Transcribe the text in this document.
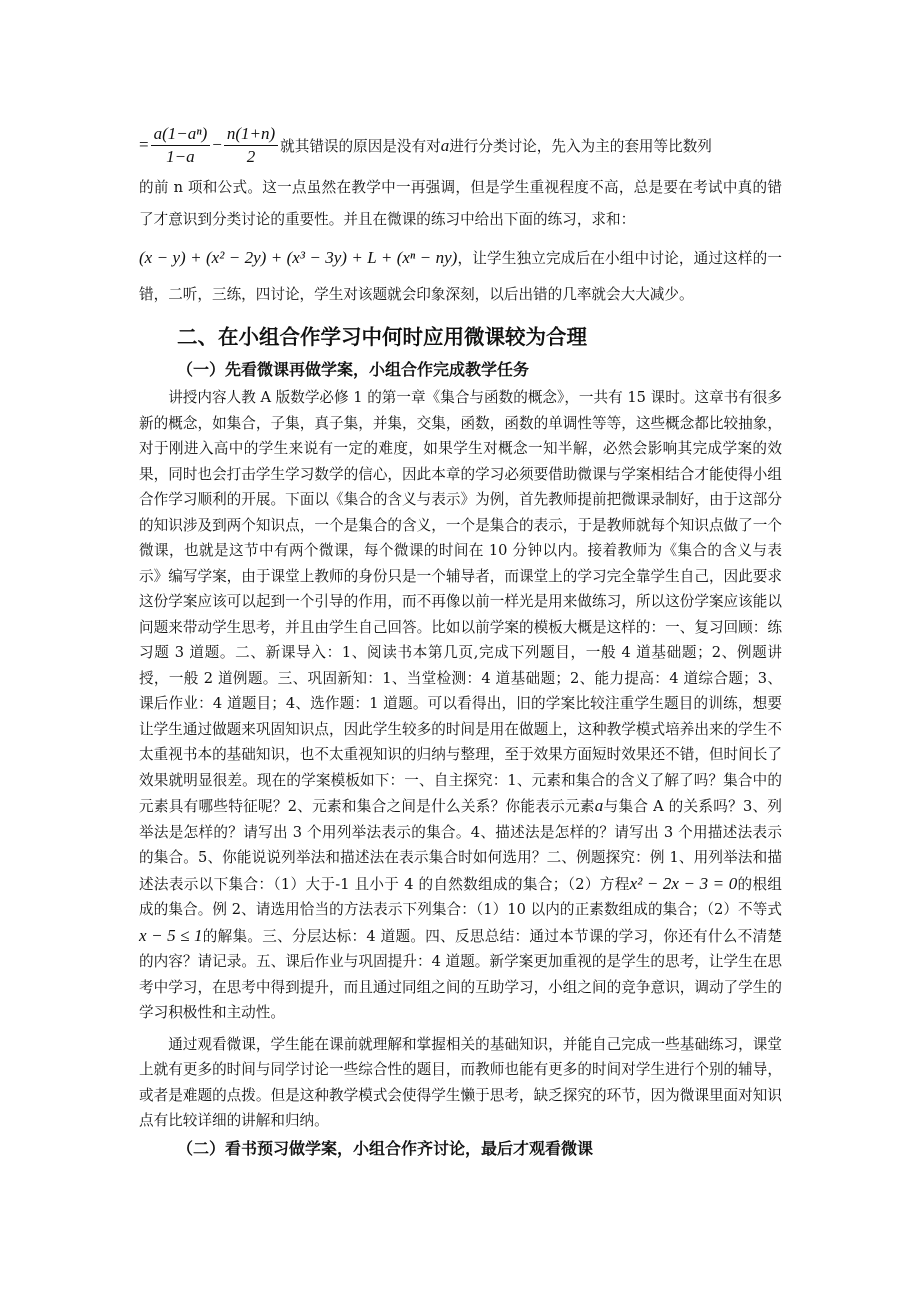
= $\frac{\text{a(1−aⁿ)}}{1-a} - \frac{n(1+n)}{2}$ 就其错误的原因是没有对a进行分类讨论，先入为主的套用等比数列

的前 n 项和公式。这一点虽然在教学中一再强调，但是学生重视程度不高，总是要在考试中真的错了才意识到分类讨论的重要性。并且在微课的练习中给出下面的练习，求和：

(x − y) + (x² − 2y) + (x³ − 3y) + L + (xⁿ − ny)，让学生独立完成后在小组中讨论，通过这样的一错，二听，三练，四讨论，学生对该题就会印象深刻，以后出错的几率就会大大减少。

二、在小组合作学习中何时应用微课较为合理
（一）先看微课再做学案，小组合作完成教学任务

讲授内容人教 A 版数学必修 1 的第一章《集合与函数的概念》，一共有 15 课时。这章书有很多新的概念，如集合，子集，真子集，并集，交集，函数，函数的单调性等等，这些概念都比较抽象，对于刚进入高中的学生来说有一定的难度，如果学生对概念一知半解，必然会影响其完成学案的效果，同时也会打击学生学习数学的信心，因此本章的学习必须要借助微课与学案相结合才能使得小组合作学习顺利的开展。下面以《集合的含义与表示》为例，首先教师提前把微课录制好，由于这部分的知识涉及到两个知识点，一个是集合的含义，一个是集合的表示，于是教师就每个知识点做了一个微课，也就是这节中有两个微课，每个微课的时间在 10 分钟以内。接着教师为《集合的含义与表示》编写学案，由于课堂上教师的身份只是一个辅导者，而课堂上的学习完全靠学生自己，因此要求这份学案应该可以起到一个引导的作用，而不再像以前一样光是用来做练习，所以这份学案应该能以问题来带动学生思考，并且由学生自己回答。比如以前学案的模板大概是这样的：一、复习回顾：练习题 3 道题。二、新课导入：1、阅读书本第几页,完成下列题目，一般 4 道基础题；2、例题讲授，一般 2 道例题。三、巩固新知：1、当堂检测：4 道基础题；2、能力提高：4 道综合题；3、课后作业：4 道题目；4、选作题：1 道题。可以看得出，旧的学案比较注重学生题目的训练，想要让学生通过做题来巩固知识点，因此学生较多的时间是用在做题上，这种教学模式培养出来的学生不太重视书本的基础知识，也不太重视知识的归纳与整理，至于效果方面短时效果还不错，但时间长了效果就明显很差。现在的学案模板如下：一、自主探究：1、元素和集合的含义了解了吗？集合中的元素具有哪些特征呢？2、元素和集合之间是什么关系？你能表示元素a与集合 A 的关系吗？3、列举法是怎样的？请写出 3 个用列举法表示的集合。4、描述法是怎样的？请写出 3 个用描述法表示的集合。5、你能说说列举法和描述法在表示集合时如何选用？二、例题探究：例 1、用列举法和描述法表示以下集合：（1）大于-1 且小于 4 的自然数组成的集合；（2）方程x² − 2x − 3 = 0的根组成的集合。例 2、请选用恰当的方法表示下列集合：（1）10 以内的正素数组成的集合；（2）不等式x − 5 ≤ 1的解集。三、分层达标：4 道题。四、反思总结：通过本节课的学习，你还有什么不清楚的内容？请记录。五、课后作业与巩固提升：4 道题。新学案更加重视的是学生的思考，让学生在思考中学习，在思考中得到提升，而且通过同组之间的互助学习，小组之间的竞争意识，调动了学生的学习积极性和主动性。

通过观看微课，学生能在课前就理解和掌握相关的基础知识，并能自己完成一些基础练习，课堂上就有更多的时间与同学讨论一些综合性的题目，而教师也能有更多的时间对学生进行个别的辅导，或者是难题的点拨。但是这种教学模式会使得学生懒于思考，缺乏探究的环节，因为微课里面对知识点有比较详细的讲解和归纳。

（二）看书预习做学案，小组合作齐讨论，最后才观看微课
